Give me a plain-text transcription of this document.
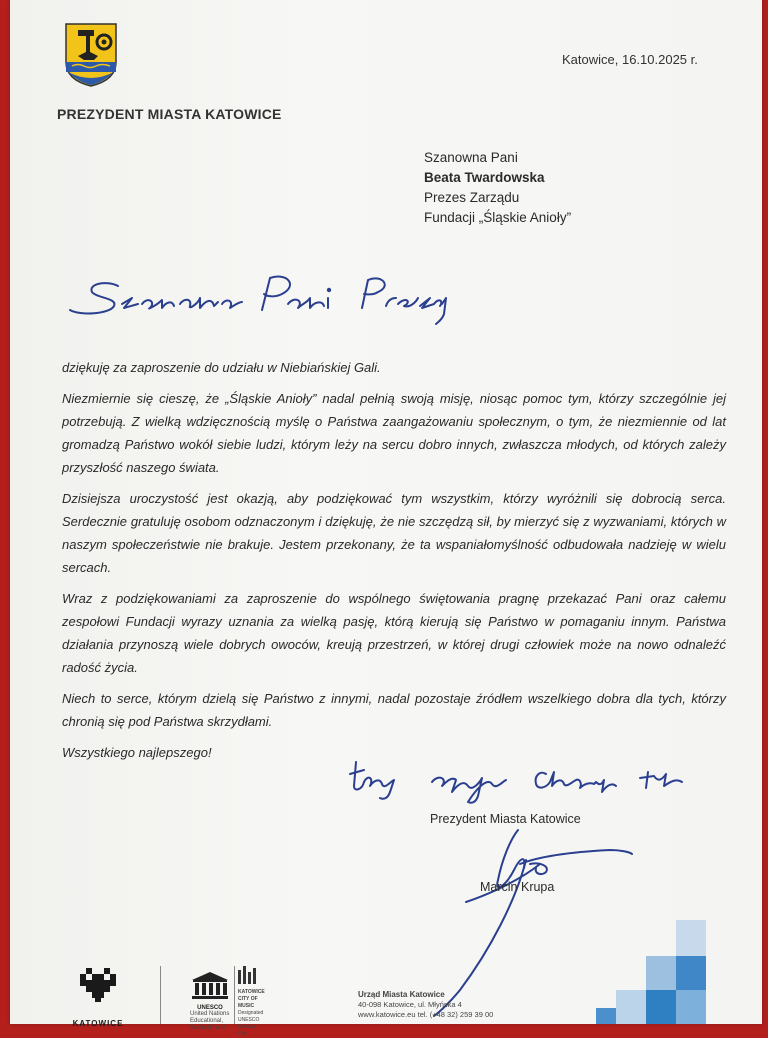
PREZYDENT MIASTA KATOWICE
Katowice, 16.10.2025 r.
Szanowna Pani
Beata Twardowska
Prezes Zarządu
Fundacji „Śląskie Anioły”

dziękuję za zaproszenie do udziału w Niebiańskiej Gali.

Niezmiernie się cieszę, że „Śląskie Anioły” nadal pełnią swoją misję, niosąc pomoc tym, którzy szczególnie jej potrzebują. Z wielką wdzięcznością myślę o Państwa zaangażowaniu społecznym, o tym, że niezmiennie od lat gromadzą Państwo wokół siebie ludzi, którym leży na sercu dobro innych, zwłaszcza młodych, od których zależy przyszłość naszego świata.

Dzisiejsza uroczystość jest okazją, aby podziękować tym wszystkim, którzy wyróżnili się dobrocią serca. Serdecznie gratuluję osobom odznaczonym i dziękuję, że nie szczędzą sił, by mierzyć się z wyzwaniami, których w naszym społeczeństwie nie brakuje. Jestem przekonany, że ta wspaniałomyślność odbudowała nadzieję w wielu sercach.

Wraz z podziękowaniami za zaproszenie do wspólnego świętowania pragnę przekazać Pani oraz całemu zespołowi Fundacji wyrazy uznania za wielką pasję, którą kierują się Państwo w pomaganiu innym. Państwa działania przynoszą wiele dobrych owoców, kreują przestrzeń, w której drugi człowiek może na nowo odnaleźć radość życia.

Niech to serce, którym dzielą się Państwo z innymi, nadal pozostaje źródłem wszelkiego dobra dla tych, którzy chronią się pod Państwa skrzydłami.

Wszystkiego najlepszego!

Prezydent Miasta Katowice
Marcin Krupa
KATOWICE
UNESCO
United Nations Educational, Scientific and
KATOWICE CITY OF MUSIC
Designated UNESCO Creative City
Urząd Miasta Katowice
40-098 Katowice, ul. Młyńska 4
www.katowice.eu tel. (+48 32) 259 39 00
